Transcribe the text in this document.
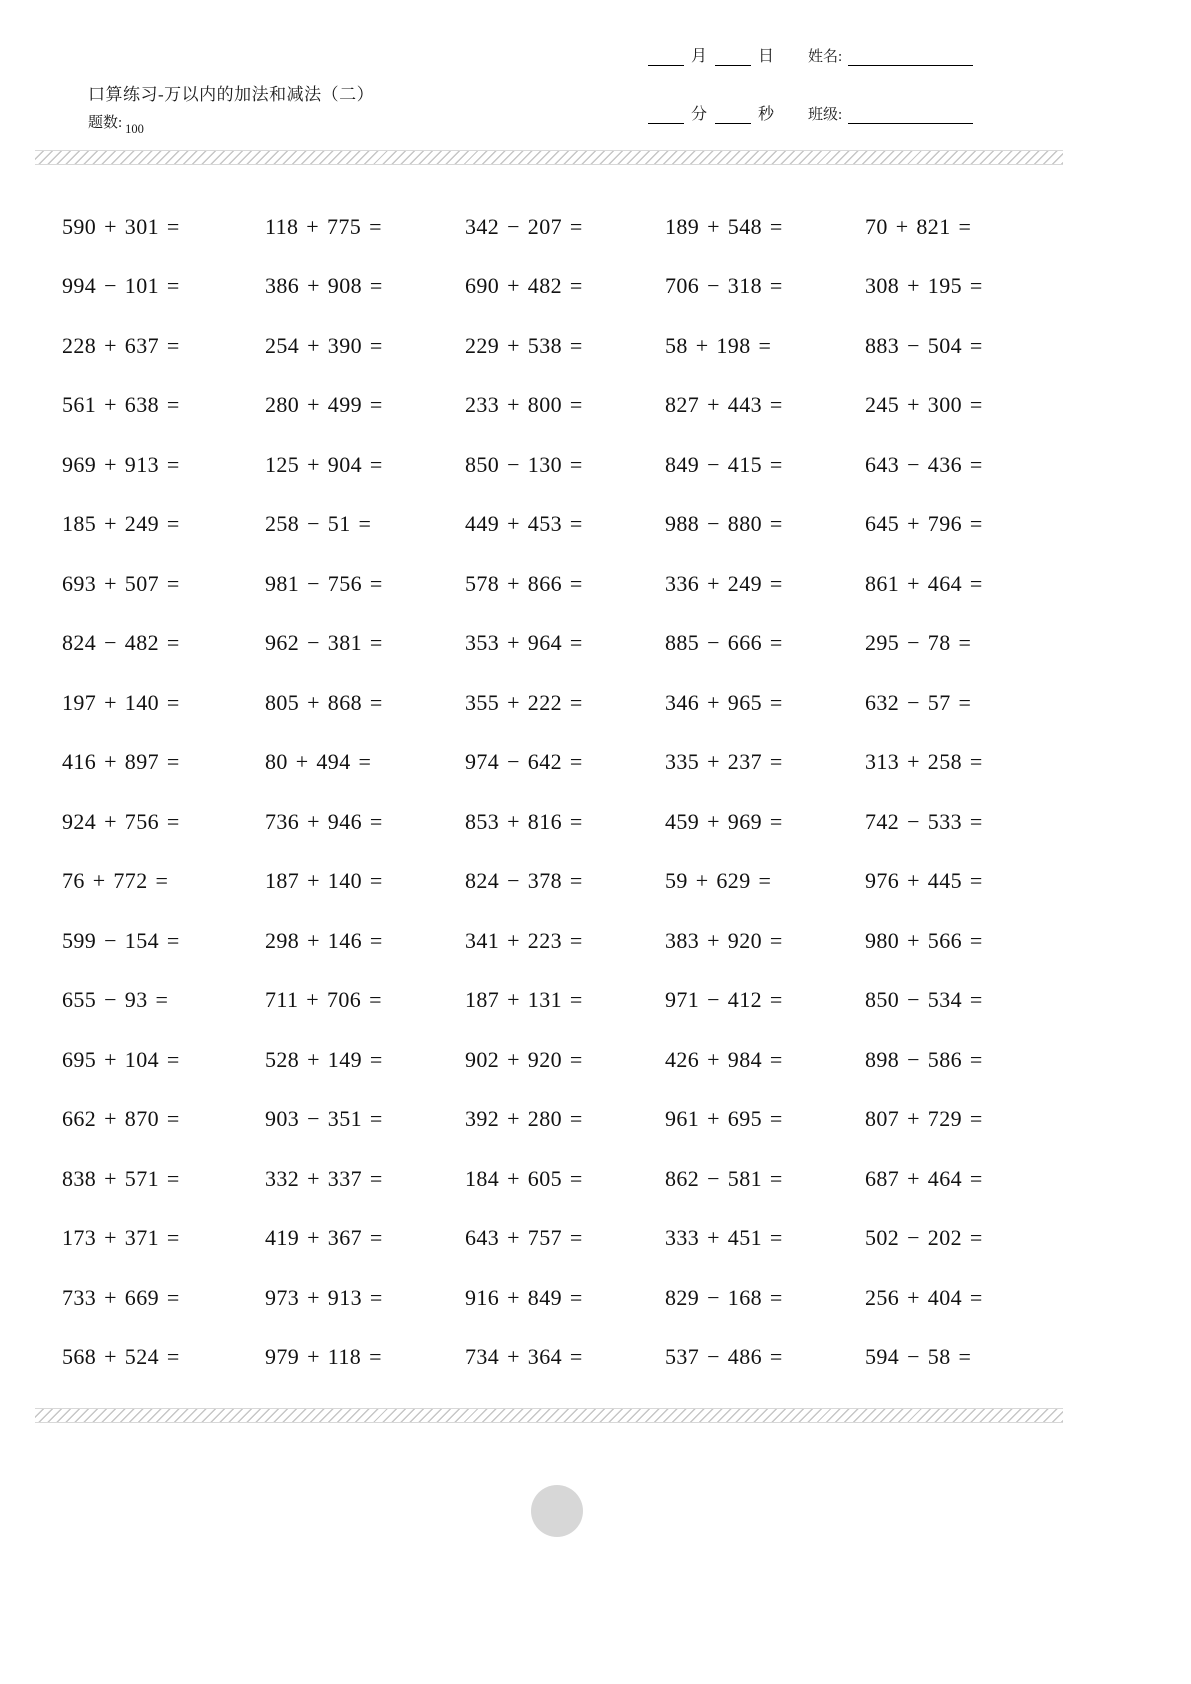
口算练习-万以内的加法和减法（二）
题数: $_{100}$
月	日 姓名:
分	秒 班级:
590 + 301 =	118 + 775 =	342 − 207 =	189 + 548 =	70 + 821 =
994 − 101 =	386 + 908 =	690 + 482 =	706 − 318 =	308 + 195 =
228 + 637 =	254 + 390 =	229 + 538 =	58 + 198 =	883 − 504 =
561 + 638 =	280 + 499 =	233 + 800 =	827 + 443 =	245 + 300 =
969 + 913 =	125 + 904 =	850 − 130 =	849 − 415 =	643 − 436 =
185 + 249 =	258 − 51 =	449 + 453 =	988 − 880 =	645 + 796 =
693 + 507 =	981 − 756 =	578 + 866 =	336 + 249 =	861 + 464 =
824 − 482 =	962 − 381 =	353 + 964 =	885 − 666 =	295 − 78 =
197 + 140 =	805 + 868 =	355 + 222 =	346 + 965 =	632 − 57 =
416 + 897 =	80 + 494 =	974 − 642 =	335 + 237 =	313 + 258 =
924 + 756 =	736 + 946 =	853 + 816 =	459 + 969 =	742 − 533 =
76 + 772 =	187 + 140 =	824 − 378 =	59 + 629 =	976 + 445 =
599 − 154 =	298 + 146 =	341 + 223 =	383 + 920 =	980 + 566 =
655 − 93 =	711 + 706 =	187 + 131 =	971 − 412 =	850 − 534 =
695 + 104 =	528 + 149 =	902 + 920 =	426 + 984 =	898 − 586 =
662 + 870 =	903 − 351 =	392 + 280 =	961 + 695 =	807 + 729 =
838 + 571 =	332 + 337 =	184 + 605 =	862 − 581 =	687 + 464 =
173 + 371 =	419 + 367 =	643 + 757 =	333 + 451 =	502 − 202 =
733 + 669 =	973 + 913 =	916 + 849 =	829 − 168 =	256 + 404 =
568 + 524 =	979 + 118 =	734 + 364 =	537 − 486 =	594 − 58 =
